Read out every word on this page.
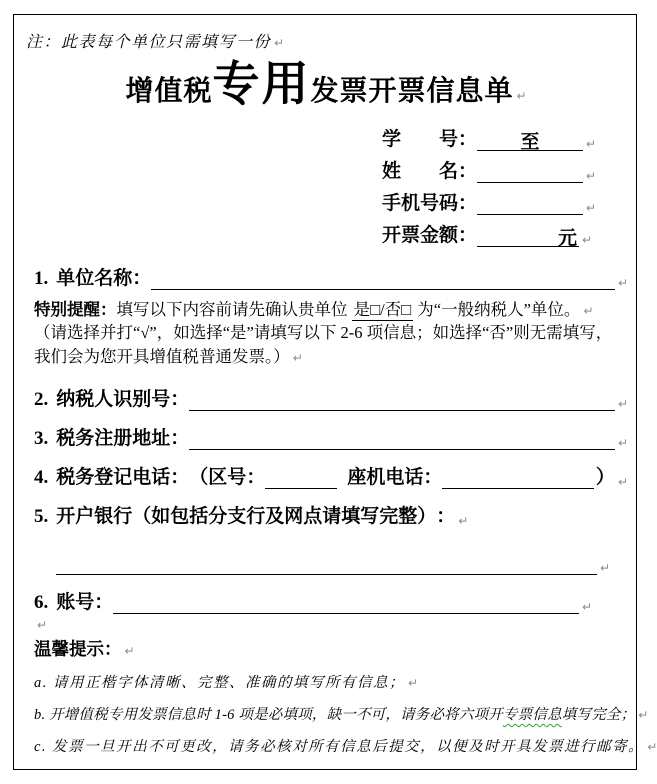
注：此表每个单位只需填写一份 ↵
增值税专用发票开票信息单 ↵
学 号 ：	至	↵
姓 名 ：	↵
手机号码 ：	↵
开票金额 ：	元 ↵
1. 单位名称 ：	↵
特别提醒：填写以下内容前请先确认贵单位 是□/否□ 为“一般纳税人”单位。 ↵
（请选择并打“√”，如选择“是”请填写以下 2-6 项信息；如选择“否”则无需填写，我们会为您开具增值税普通发票。） ↵
2. 纳税人识别号 ：	↵
3. 税务注册地址 ：	↵
4. 税务登记电话 ： （ 区号 ：	座机电话 ：	） ↵
5. 开户银行（如包括分支行及网点请填写完整） ： ↵
↵
6. 账号 ：	↵
↵
温馨提示： ↵
a. 请用正楷字体清晰、完整、准确的填写所有信息； ↵
b. 开增值税专用发票信息时 1-6 项是必填项，缺一不可，请务必将六项开专票信息填写完全； ↵
c. 发票一旦开出不可更改，请务必核对所有信息后提交，以便及时开具发票进行邮寄。 ↵
